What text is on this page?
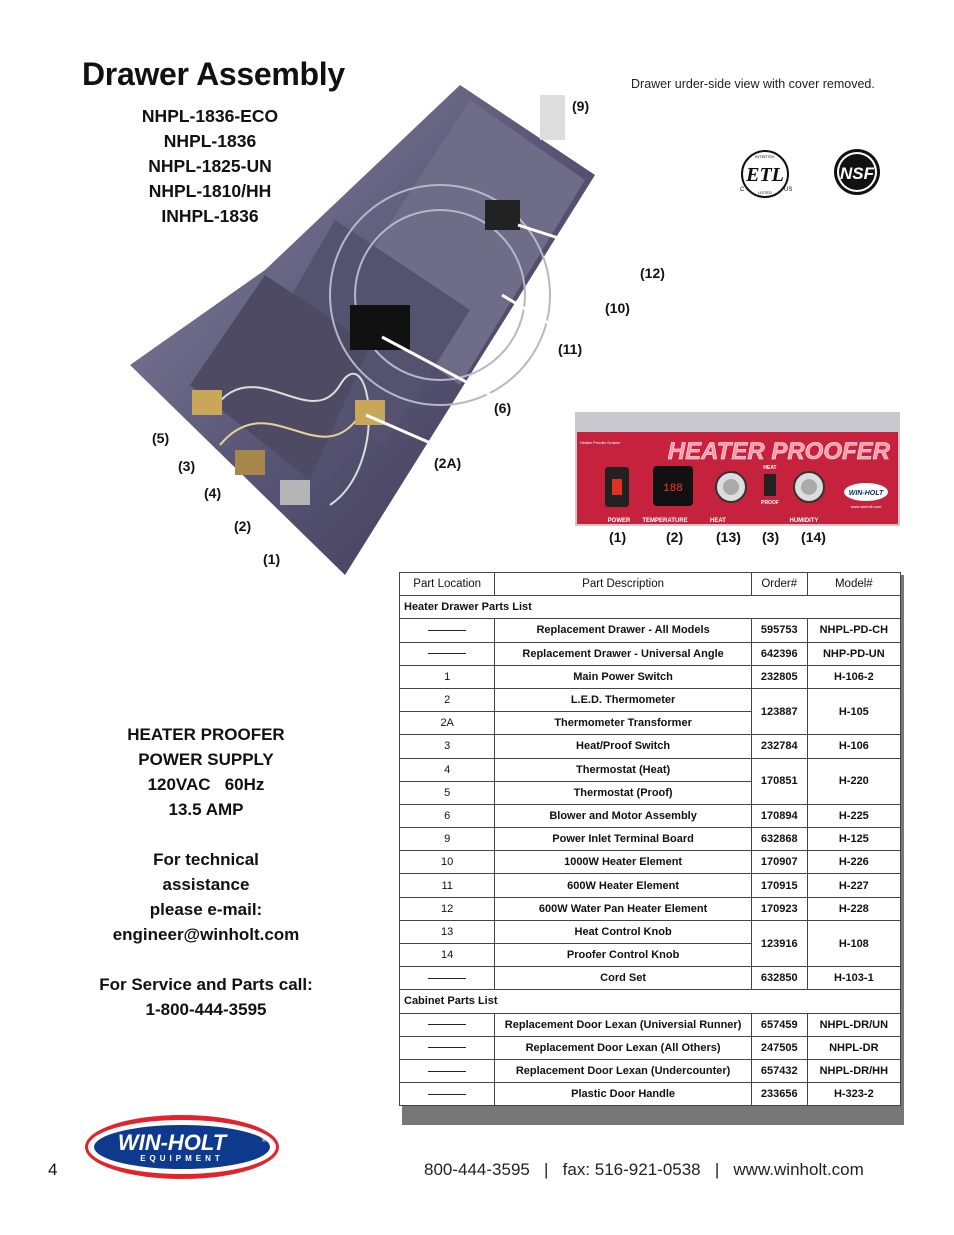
Drawer Assembly	Drawer urder-side view with cover removed.
NHPL-1836-ECO
NHPL-1836
NHPL-1825-UN
NHPL-1810/HH
INHPL-1836
(9)
(12)
(10)
(11)
(6)
(2A)
(5)
(3)
(4)
(2)
(1)
ETL
INTERTEK
LISTED
C	US
NSF
Heater Proofer Drawer HEATER PROOFER
188
HEAT
PROOF
WIN-HOLT
www.winholt.com
POWER TEMPERATURE	HEAT	HUMIDITY
(1)	(2) (13) (3) (14)
HEATER PROOFER
POWER SUPPLY
120VAC   60Hz
13.5 AMP
For technical
assistance
please e-mail:
engineer@winholt.com
For Service and Parts call:
1-800-444-3595
Part Location	Part Description	Order#	Model#
Heater Drawer Parts List			
	Replacement Drawer - All Models	595753	NHPL-PD-CH
	Replacement Drawer - Universal Angle	642396	NHP-PD-UN
1	Main Power Switch	232805	H-106-2
2	L.E.D. Thermometer	123887	H-105
2A	Thermometer Transformer		
3	Heat/Proof Switch	232784	H-106
4	Thermostat (Heat)	170851	H-220
5	Thermostat (Proof)		
6	Blower and Motor Assembly	170894	H-225
9	Power Inlet Terminal Board	632868	H-125
10	1000W Heater Element	170907	H-226
11	600W Heater Element	170915	H-227
12	600W Water Pan Heater Element	170923	H-228
13	Heat Control Knob	123916	H-108
14	Proofer Control Knob		
	Cord Set	632850	H-103-1
Cabinet Parts List			
	Replacement Door Lexan (Universial Runner)	657459	NHPL-DR/UN
	Replacement Door Lexan (All Others)	247505	NHPL-DR
	Replacement Door Lexan (Undercounter)	657432	NHPL-DR/HH
	Plastic Door Handle	233656	H-323-2
WIN-HOLT	®
EQUIPMENT
4	800-444-3595 | fax: 516-921-0538 | www.winholt.com
